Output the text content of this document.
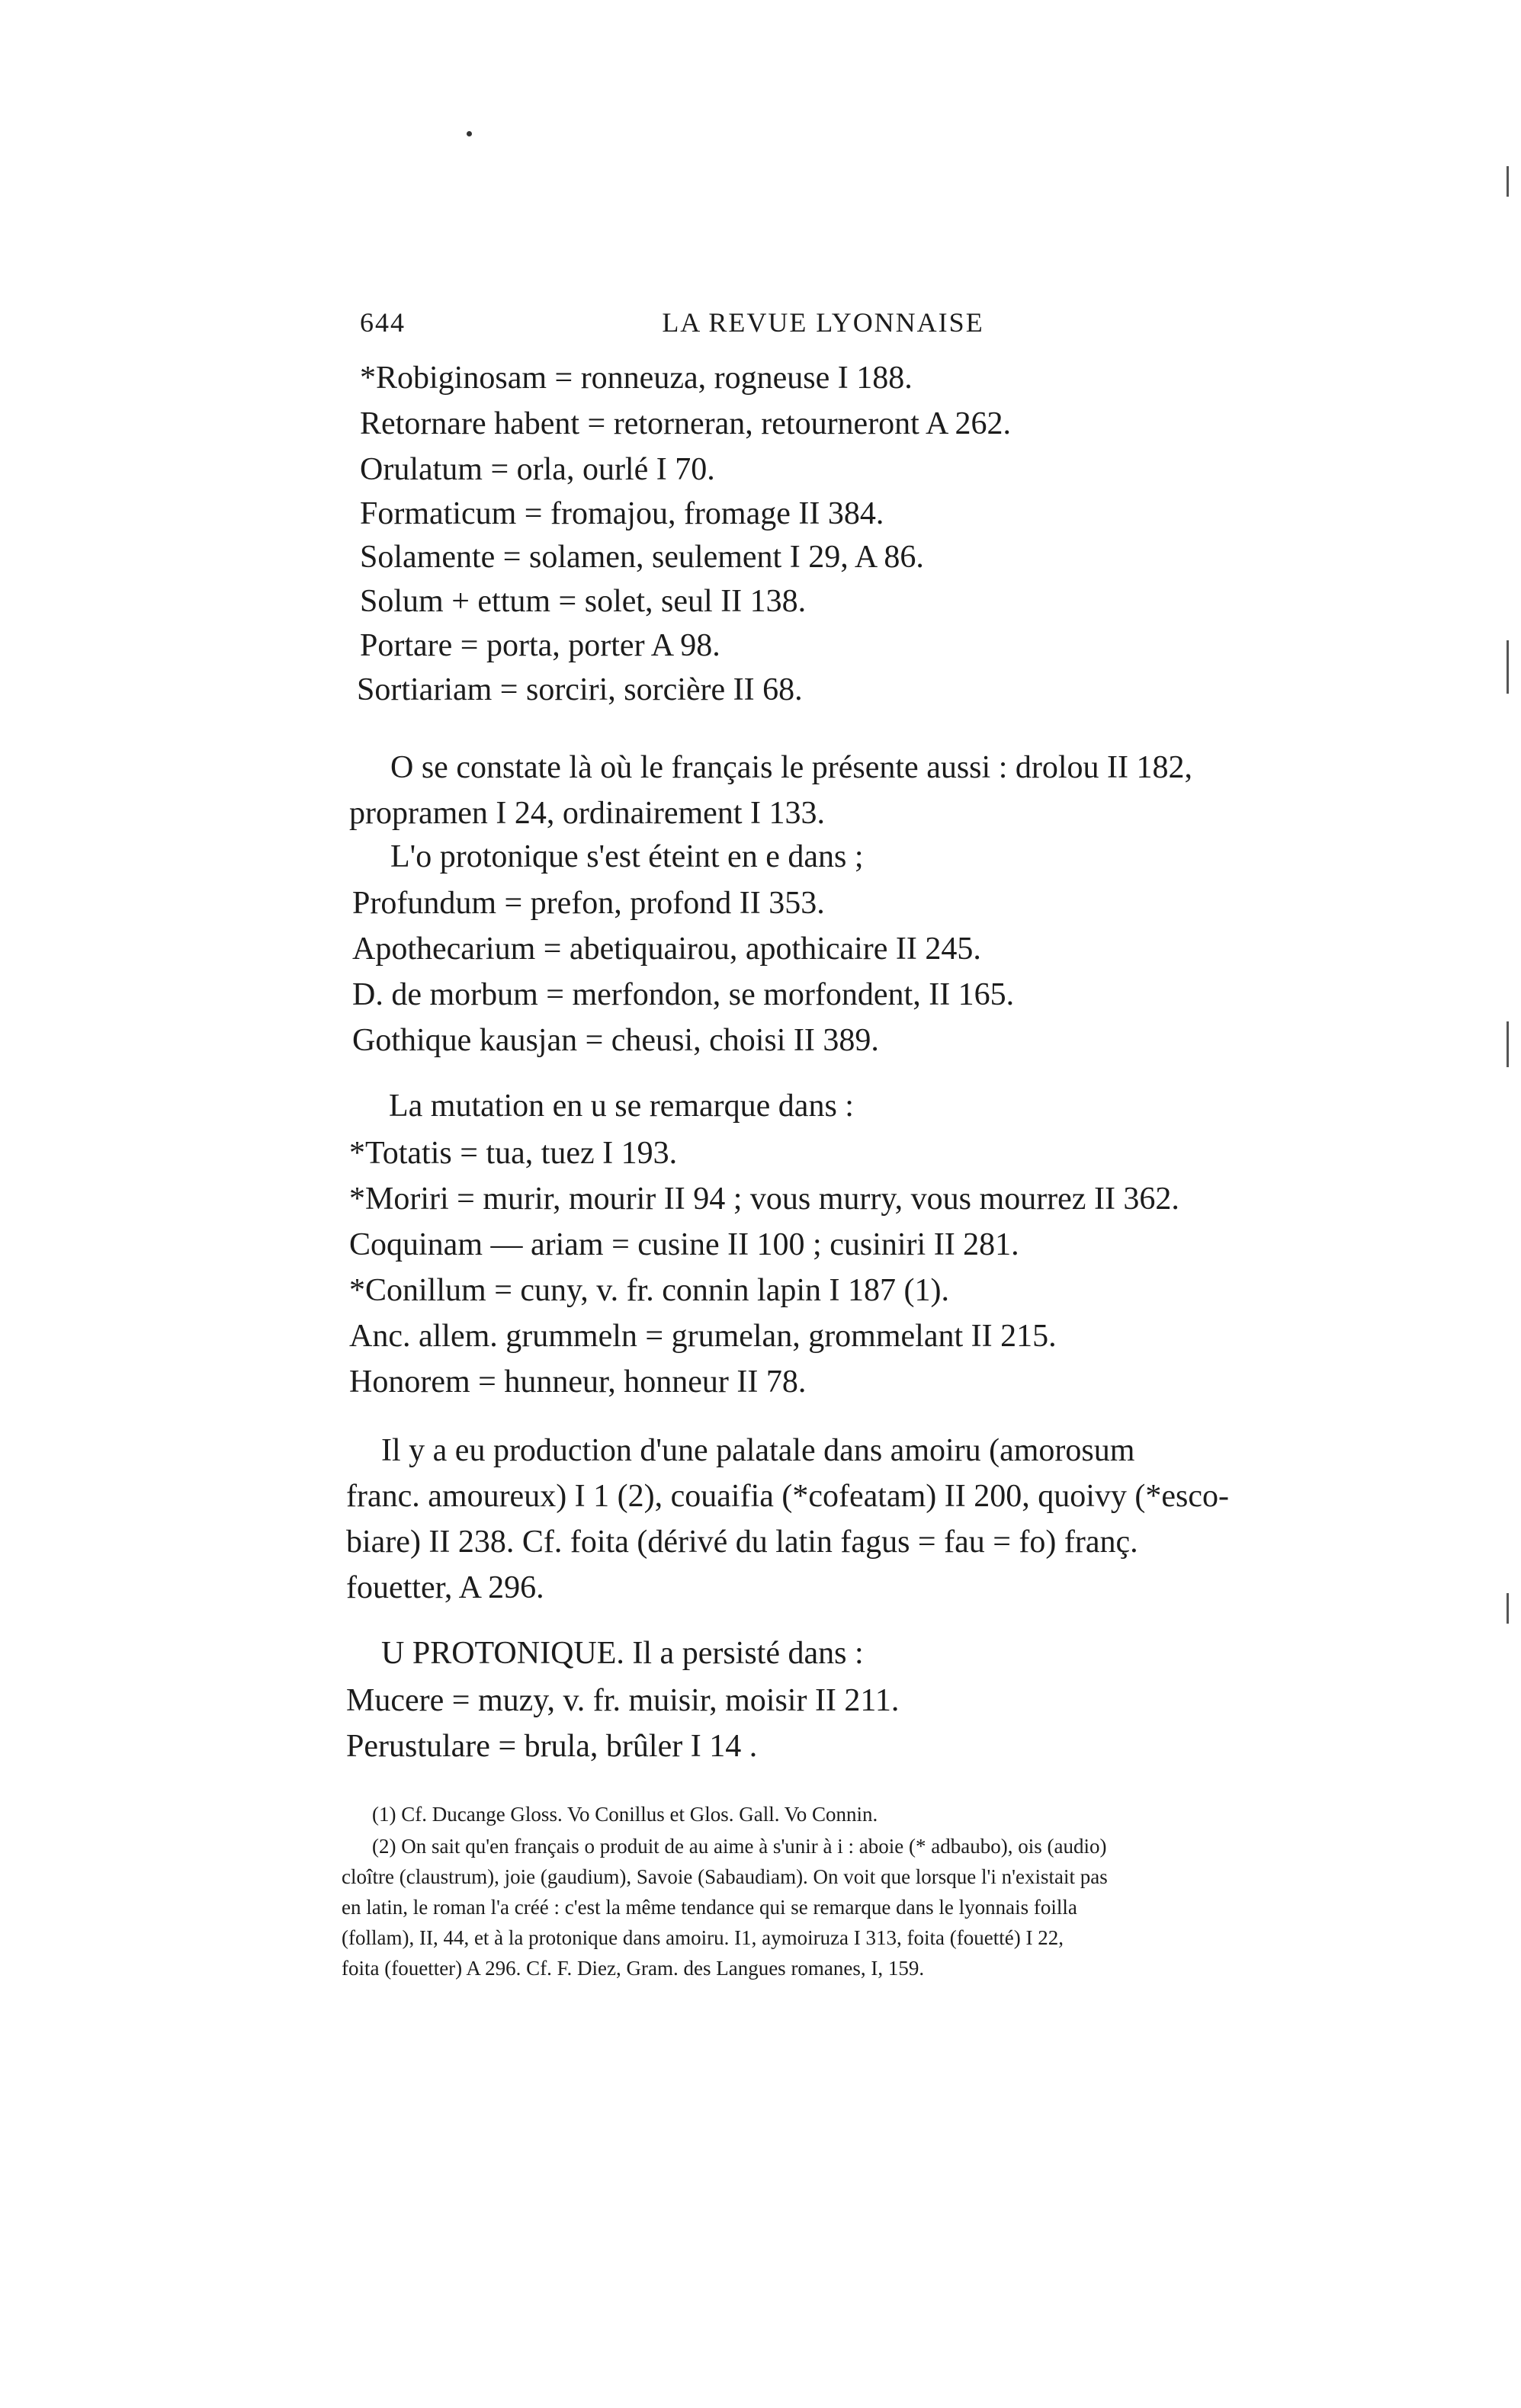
644	LA REVUE LYONNAISE
*Robiginosam = ronneuza, rogneuse I 188.
Retornare habent = retorneran, retourneront A 262.
Orulatum = orla, ourlé I 70.
Formaticum = fromajou, fromage II 384.
Solamente = solamen, seulement I 29, A 86.
Solum + ettum = solet, seul II 138.
Portare = porta, porter A 98.
Sortiariam = sorciri, sorcière II 68.
O se constate là où le français le présente aussi : drolou II 182,
propramen I 24, ordinairement I 133.
L'o protonique s'est éteint en e dans ;
Profundum = prefon, profond II 353.
Apothecarium = abetiquairou, apothicaire II 245.
D. de morbum = merfondon, se morfondent, II 165.
Gothique kausjan = cheusi, choisi II 389.
La mutation en u se remarque dans :
*Totatis = tua, tuez I 193.
*Moriri = murir, mourir II 94 ; vous murry, vous mourrez II 362.
Coquinam — ariam = cusine II 100 ; cusiniri II 281.
*Conillum = cuny, v. fr. connin lapin I 187 (1).
Anc. allem. grummeln = grumelan, grommelant II 215.
Honorem = hunneur, honneur II 78.
Il y a eu production d'une palatale dans amoiru (amorosum
franc. amoureux) I 1 (2), couaifia (*cofeatam) II 200, quoivy (*esco-
biare) II 238. Cf. foita (dérivé du latin fagus = fau = fo) franç.
fouetter, A 296.
U PROTONIQUE. Il a persisté dans :
Mucere = muzy, v. fr. muisir, moisir II 211.
Perustulare = brula, brûler I 14 .
(1) Cf. Ducange Gloss. Vo Conillus et Glos. Gall. Vo Connin.
(2) On sait qu'en français o produit de au aime à s'unir à i : aboie (* adbaubo), ois (audio)
cloître (claustrum), joie (gaudium), Savoie (Sabaudiam). On voit que lorsque l'i n'existait pas
en latin, le roman l'a créé : c'est la même tendance qui se remarque dans le lyonnais foilla
(follam), II, 44, et à la protonique dans amoiru. I1, aymoiruza I 313, foita (fouetté) I 22,
foita (fouetter) A 296. Cf. F. Diez, Gram. des Langues romanes, I, 159.
